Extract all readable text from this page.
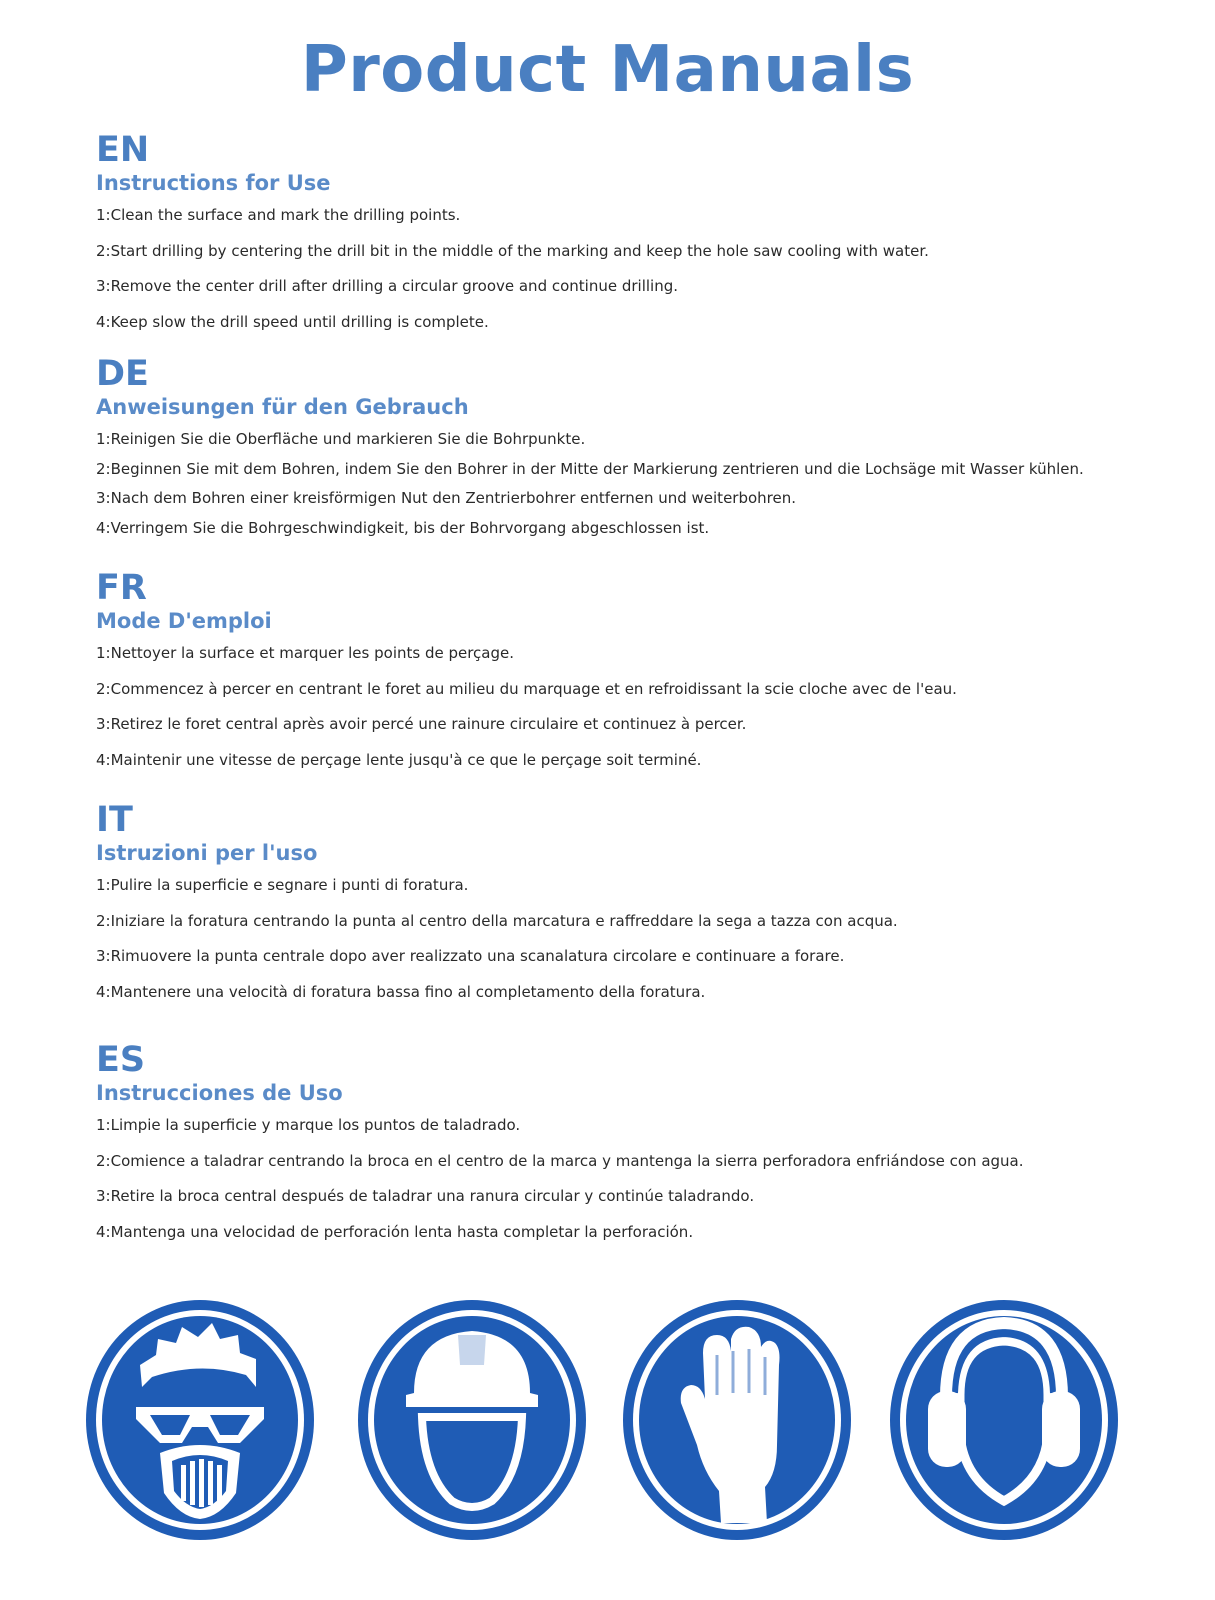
Product Manuals
EN
Instructions for Use
1:Clean the surface and mark the drilling points.
2:Start drilling by centering the drill bit in the middle of the marking and keep the hole saw cooling with water.
3:Remove the center drill after drilling a circular groove and continue drilling.
4:Keep slow the drill speed until drilling is complete.
DE
Anweisungen für den Gebrauch
1:Reinigen Sie die Oberfläche und markieren Sie die Bohrpunkte.
2:Beginnen Sie mit dem Bohren, indem Sie den Bohrer in der Mitte der Markierung zentrieren und die Lochsäge mit Wasser kühlen.
3:Nach dem Bohren einer kreisförmigen Nut den Zentrierbohrer entfernen und weiterbohren.
4:Verringem Sie die Bohrgeschwindigkeit, bis der Bohrvorgang abgeschlossen ist.
FR
Mode D'emploi
1:Nettoyer la surface et marquer les points de perçage.
2:Commencez à percer en centrant le foret au milieu du marquage et en refroidissant la scie cloche avec de l'eau.
3:Retirez le foret central après avoir percé une rainure circulaire et continuez à percer.
4:Maintenir une vitesse de perçage lente jusqu'à ce que le perçage soit terminé.
IT
Istruzioni per l'uso
1:Pulire la superficie e segnare i punti di foratura.
2:Iniziare la foratura centrando la punta al centro della marcatura e raffreddare la sega a tazza con acqua.
3:Rimuovere la punta centrale dopo aver realizzato una scanalatura circolare e continuare a forare.
4:Mantenere una velocità di foratura bassa fino al completamento della foratura.
ES
Instrucciones de Uso
1:Limpie la superficie y marque los puntos de taladrado.
2:Comience a taladrar centrando la broca en el centro de la marca y mantenga la sierra perforadora enfriándose con agua.
3:Retire la broca central después de taladrar una ranura circular y continúe taladrando.
4:Mantenga una velocidad de perforación lenta hasta completar la perforación.
